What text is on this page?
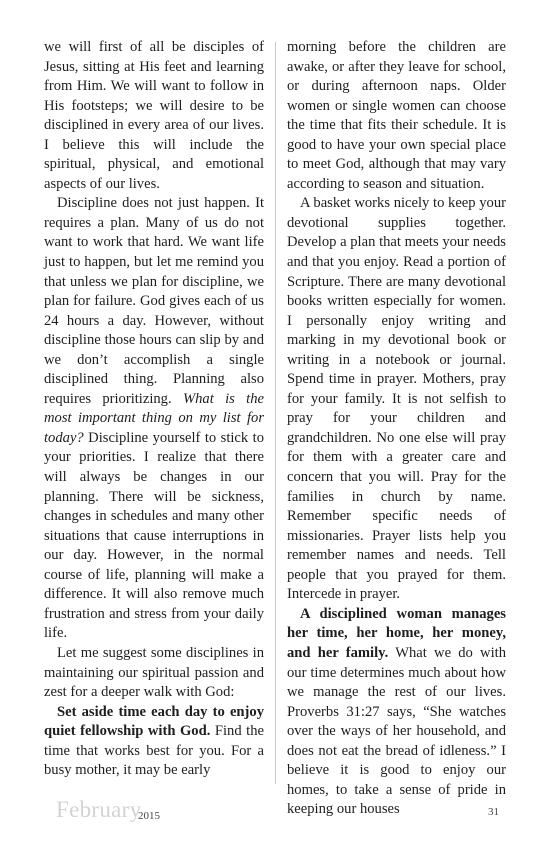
we will first of all be disciples of Jesus, sitting at His feet and learning from Him. We will want to follow in His footsteps; we will desire to be disciplined in every area of our lives. I believe this will include the spiritual, physical, and emotional aspects of our lives.

Discipline does not just happen. It requires a plan. Many of us do not want to work that hard. We want life just to happen, but let me remind you that unless we plan for discipline, we plan for failure. God gives each of us 24 hours a day. However, without discipline those hours can slip by and we don’t accomplish a single disciplined thing. Planning also requires prioritizing. What is the most important thing on my list for today? Discipline yourself to stick to your priorities. I realize that there will always be changes in our planning. There will be sickness, changes in schedules and many other situations that cause interruptions in our day. However, in the normal course of life, planning will make a difference. It will also remove much frustration and stress from your daily life.

Let me suggest some disciplines in maintaining our spiritual passion and zest for a deeper walk with God:

Set aside time each day to enjoy quiet fellowship with God. Find the time that works best for you. For a busy mother, it may be early

morning before the children are awake, or after they leave for school, or during afternoon naps. Older women or single women can choose the time that fits their schedule. It is good to have your own special place to meet God, although that may vary according to season and situation.

A basket works nicely to keep your devotional supplies together. Develop a plan that meets your needs and that you enjoy. Read a portion of Scripture. There are many devotional books written especially for women. I personally enjoy writing and marking in my devotional book or writing in a notebook or journal. Spend time in prayer. Mothers, pray for your family. It is not selfish to pray for your children and grandchildren. No one else will pray for them with a greater care and concern that you will. Pray for the families in church by name. Remember specific needs of missionaries. Prayer lists help you remember names and needs. Tell people that you prayed for them. Intercede in prayer.

A disciplined woman manages her time, her home, her money, and her family. What we do with our time determines much about how we manage the rest of our lives. Proverbs 31:27 says, “She watches over the ways of her household, and does not eat the bread of idleness.” I believe it is good to enjoy our homes, to take a sense of pride in keeping our houses

February
2015	31
